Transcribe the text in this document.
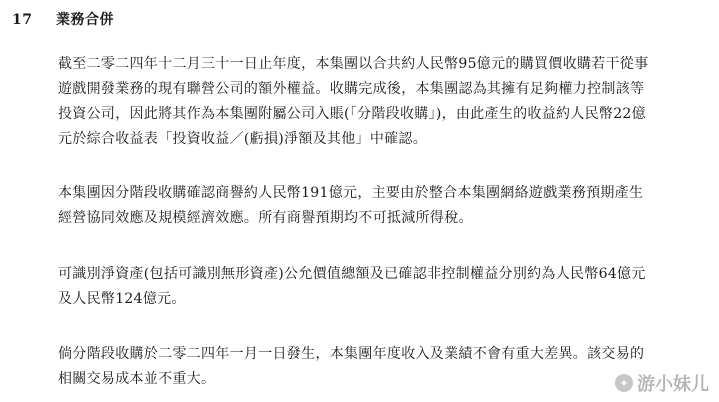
17 業務合併

截至二零二四年十二月三十一日止年度，本集團以合共約人民幣95億元的購買價收購若干從事
遊戲開發業務的現有聯營公司的額外權益。收購完成後，本集團認為其擁有足夠權力控制該等
投資公司，因此將其作為本集團附屬公司入賬(「分階段收購」)，由此產生的收益約人民幣22億
元於綜合收益表「投資收益／(虧損)淨額及其他」中確認。

本集團因分階段收購確認商譽約人民幣191億元，主要由於整合本集團網絡遊戲業務預期產生
經營協同效應及規模經濟效應。所有商譽預期均不可抵減所得稅。

可識別淨資產(包括可識別無形資產)公允價值總額及已確認非控制權益分別約為人民幣64億元
及人民幣124億元。

倘分階段收購於二零二四年一月一日發生，本集團年度收入及業績不會有重大差異。該交易的
相關交易成本並不重大。	✦ 游小妹儿
